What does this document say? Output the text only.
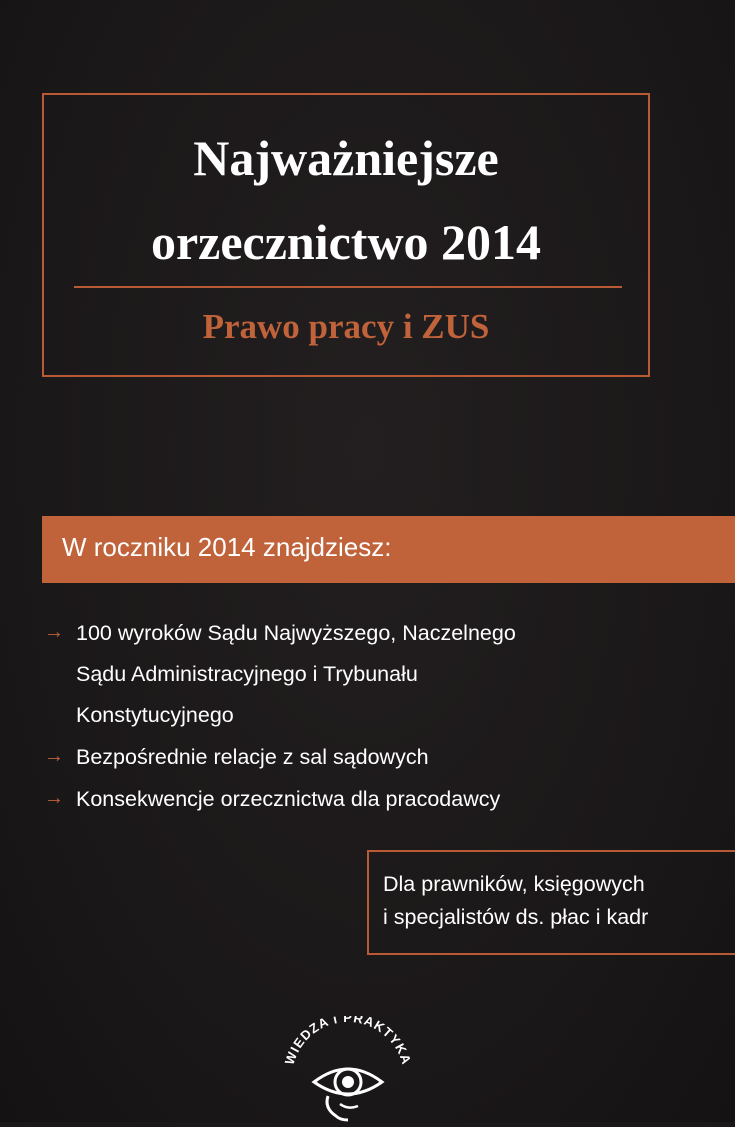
Najważniejsze
orzecznictwo 2014
Prawo pracy i ZUS
W roczniku 2014 znajdziesz:
→ 100 wyroków Sądu Najwyższego, Naczelnego
Sądu Administracyjnego i Trybunału
Konstytucyjnego
→ Bezpośrednie relacje z sal sądowych
→ Konsekwencje orzecznictwa dla pracodawcy
Dla prawników, księgowych
i specjalistów ds. płac i kadr
WIEDZA i PRAKTYKA
